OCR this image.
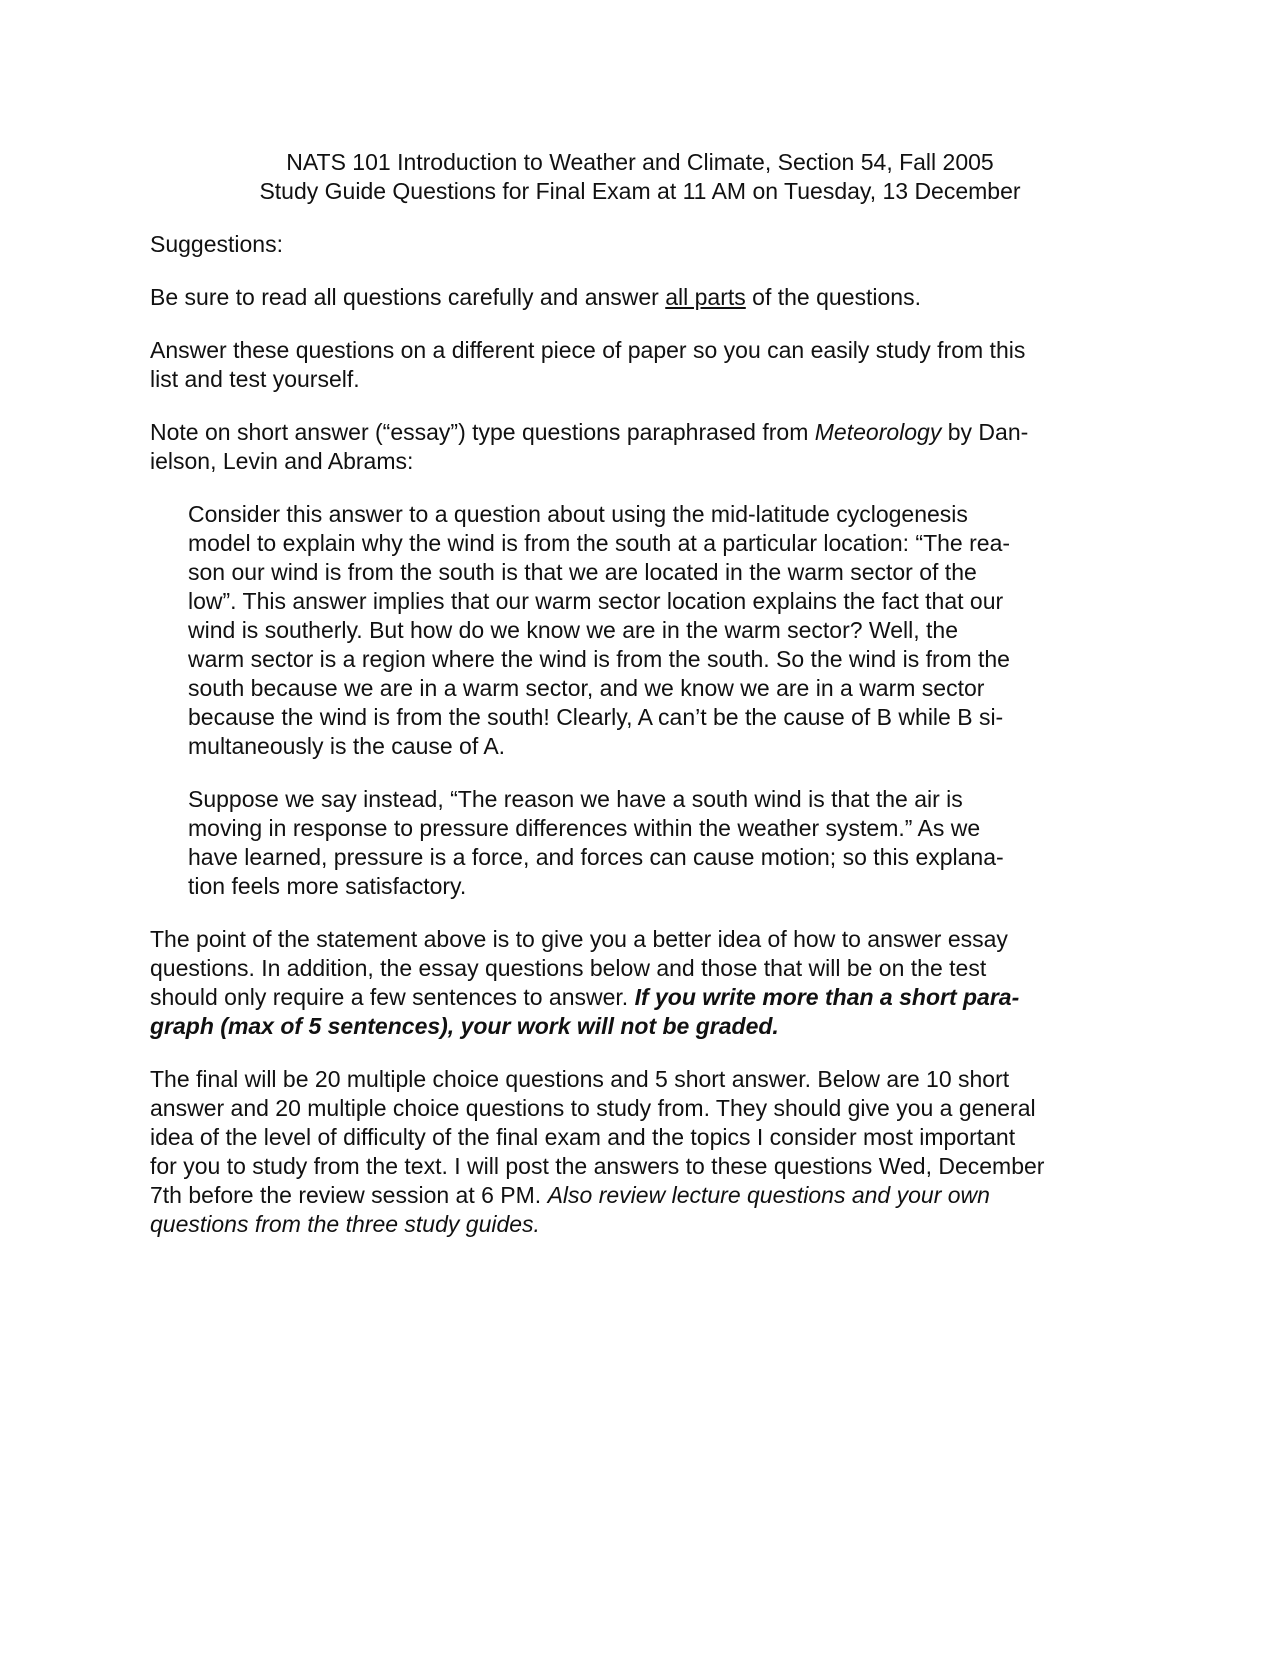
NATS 101 Introduction to Weather and Climate, Section 54, Fall 2005
Study Guide Questions for Final Exam at 11 AM on Tuesday, 13 December
Suggestions:
Be sure to read all questions carefully and answer all parts of the questions.
Answer these questions on a different piece of paper so you can easily study from this
list and test yourself.
Note on short answer (“essay”) type questions paraphrased from Meteorology by Dan-
ielson, Levin and Abrams:
Consider this answer to a question about using the mid-latitude cyclogenesis
model to explain why the wind is from the south at a particular location: “The rea-
son our wind is from the south is that we are located in the warm sector of the
low”. This answer implies that our warm sector location explains the fact that our
wind is southerly. But how do we know we are in the warm sector? Well, the
warm sector is a region where the wind is from the south. So the wind is from the
south because we are in a warm sector, and we know we are in a warm sector
because the wind is from the south! Clearly, A can’t be the cause of B while B si-
multaneously is the cause of A.
Suppose we say instead, “The reason we have a south wind is that the air is
moving in response to pressure differences within the weather system.” As we
have learned, pressure is a force, and forces can cause motion; so this explana-
tion feels more satisfactory.
The point of the statement above is to give you a better idea of how to answer essay
questions. In addition, the essay questions below and those that will be on the test
should only require a few sentences to answer. If you write more than a short para-
graph (max of 5 sentences), your work will not be graded.
The final will be 20 multiple choice questions and 5 short answer. Below are 10 short
answer and 20 multiple choice questions to study from. They should give you a general
idea of the level of difficulty of the final exam and the topics I consider most important
for you to study from the text. I will post the answers to these questions Wed, December
7th before the review session at 6 PM. Also review lecture questions and your own
questions from the three study guides.
